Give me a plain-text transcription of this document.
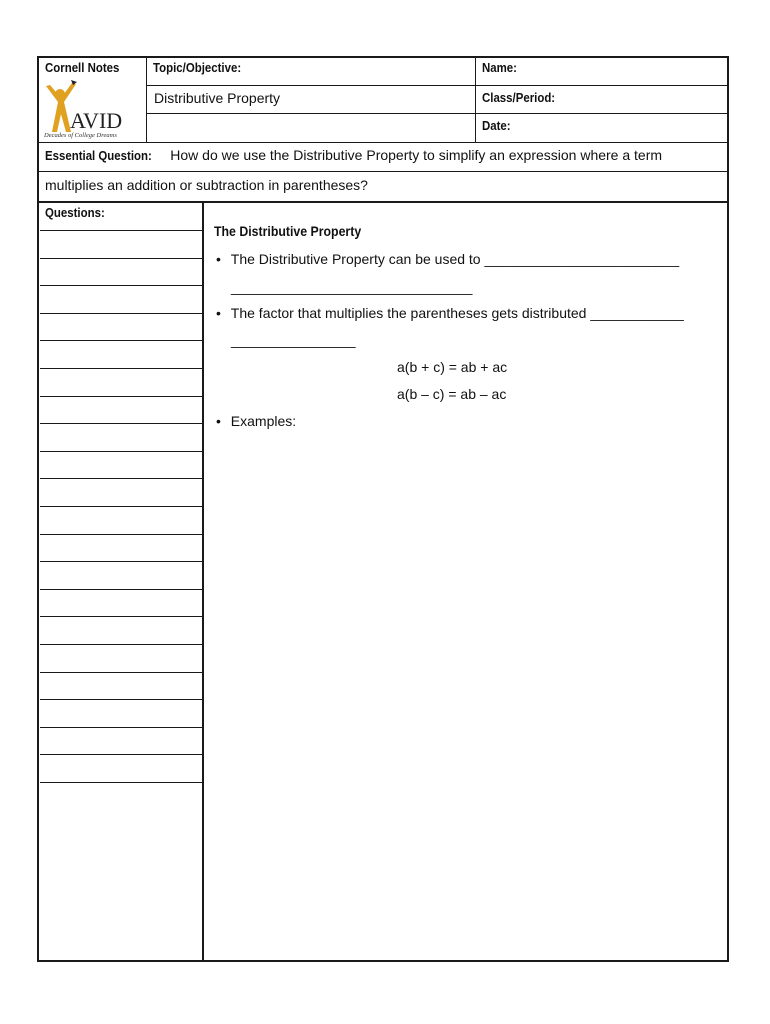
Cornell Notes	Topic/Objective:
Distributive Property
Name:
Class/Period:
Date:
AVID
Decades of College Dreams
Essential Question: How do we use the Distributive Property to simplify an expression where a term
multiplies an addition or subtraction in parentheses?
Questions:
The Distributive Property
• The Distributive Property can be used to _________________________
_______________________________
• The factor that multiplies the parentheses gets distributed ____________
________________
a(b + c) = ab + ac
a(b – c) = ab – ac
• Examples:
